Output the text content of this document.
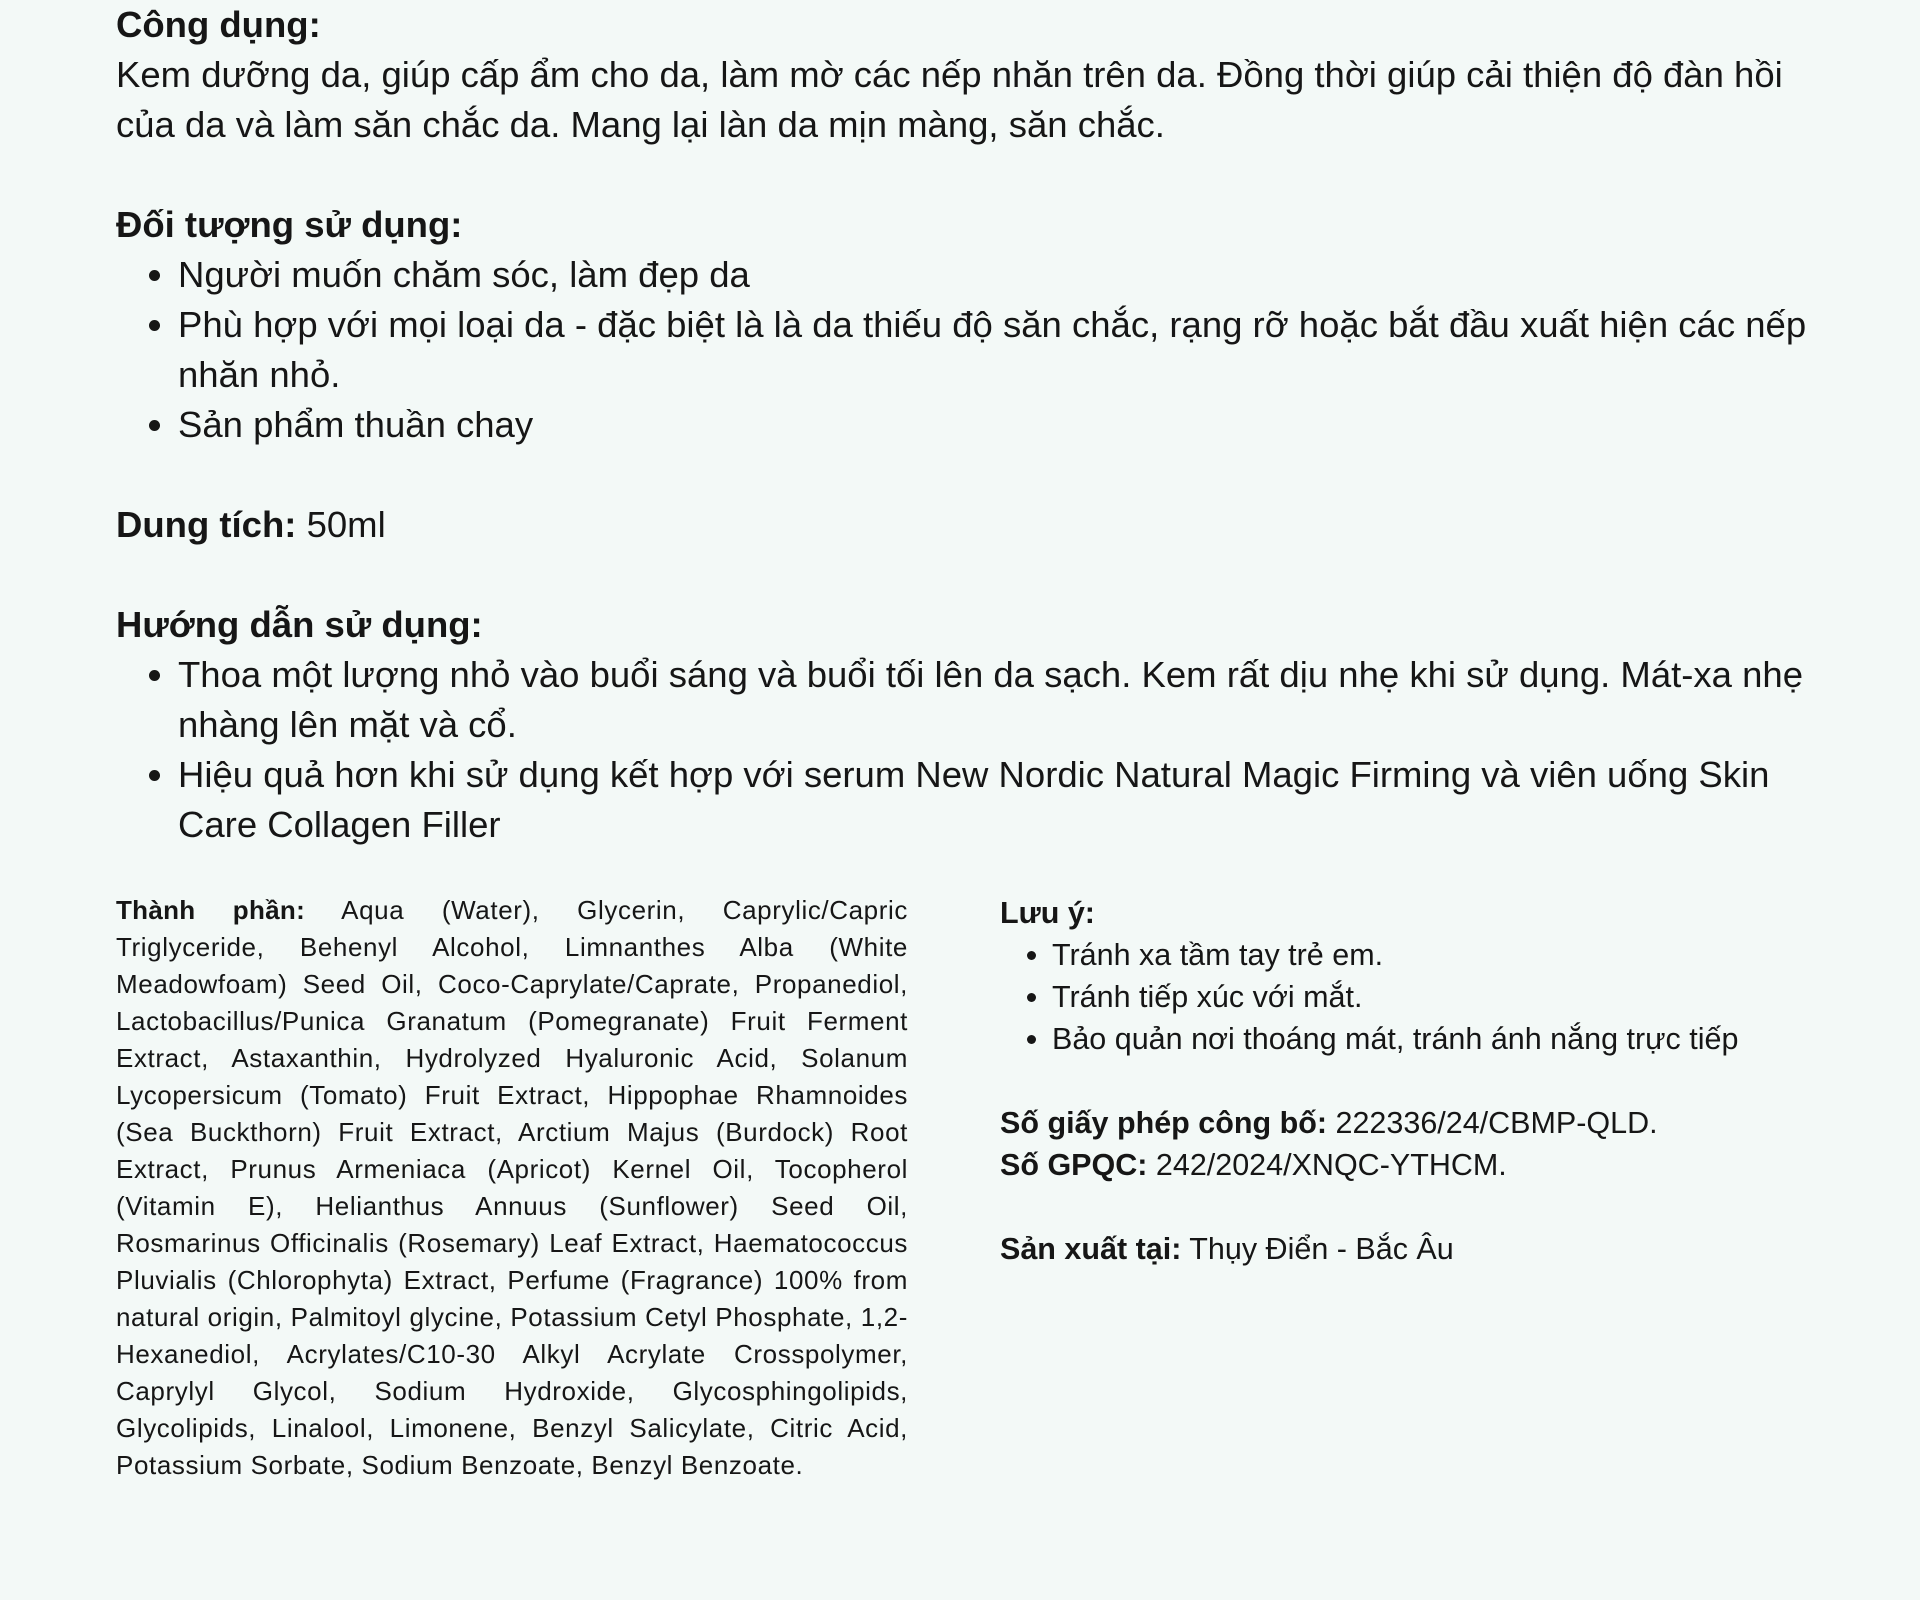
Công dụng:

Kem dưỡng da, giúp cấp ẩm cho da, làm mờ các nếp nhăn trên da. Đồng thời giúp cải thiện độ đàn hồi của da và làm săn chắc da. Mang lại làn da mịn màng, săn chắc.

Đối tượng sử dụng:

• Người muốn chăm sóc, làm đẹp da
• Phù hợp với mọi loại da - đặc biệt là là da thiếu độ săn chắc, rạng rỡ hoặc bắt đầu xuất hiện các nếp nhăn nhỏ.
• Sản phẩm thuần chay

Dung tích: 50ml

Hướng dẫn sử dụng:

• Thoa một lượng nhỏ vào buổi sáng và buổi tối lên da sạch. Kem rất dịu nhẹ khi sử dụng. Mát-xa nhẹ nhàng lên mặt và cổ.
• Hiệu quả hơn khi sử dụng kết hợp với serum New Nordic Natural Magic Firming và viên uống Skin Care Collagen Filler
Thành phần: Aqua (Water), Glycerin, Caprylic/Capric Triglyceride, Behenyl Alcohol, Limnanthes Alba (White Meadowfoam) Seed Oil, Coco-Caprylate/Caprate, Propanediol, Lactobacillus/Punica Granatum (Pomegranate) Fruit Ferment Extract, Astaxanthin, Hydrolyzed Hyaluronic Acid, Solanum Lycopersicum (Tomato) Fruit Extract, Hippophae Rhamnoides (Sea Buckthorn) Fruit Extract, Arctium Majus (Burdock) Root Extract, Prunus Armeniaca (Apricot) Kernel Oil, Tocopherol (Vitamin E), Helianthus Annuus (Sunflower) Seed Oil, Rosmarinus Officinalis (Rosemary) Leaf Extract, Haematococcus Pluvialis (Chlorophyta) Extract, Perfume (Fragrance) 100% from natural origin, Palmitoyl glycine, Potassium Cetyl Phosphate, 1,2-Hexanediol, Acrylates/C10-30 Alkyl Acrylate Crosspolymer, Caprylyl Glycol, Sodium Hydroxide, Glycosphingolipids, Glycolipids, Linalool, Limonene, Benzyl Salicylate, Citric Acid, Potassium Sorbate, Sodium Benzoate, Benzyl Benzoate.

Lưu ý:

• Tránh xa tầm tay trẻ em.
• Tránh tiếp xúc với mắt.
• Bảo quản nơi thoáng mát, tránh ánh nắng trực tiếp

Số giấy phép công bố: 222336/24/CBMP-QLD.

Số GPQC: 242/2024/XNQC-YTHCM.

Sản xuất tại: Thụy Điển - Bắc Âu
